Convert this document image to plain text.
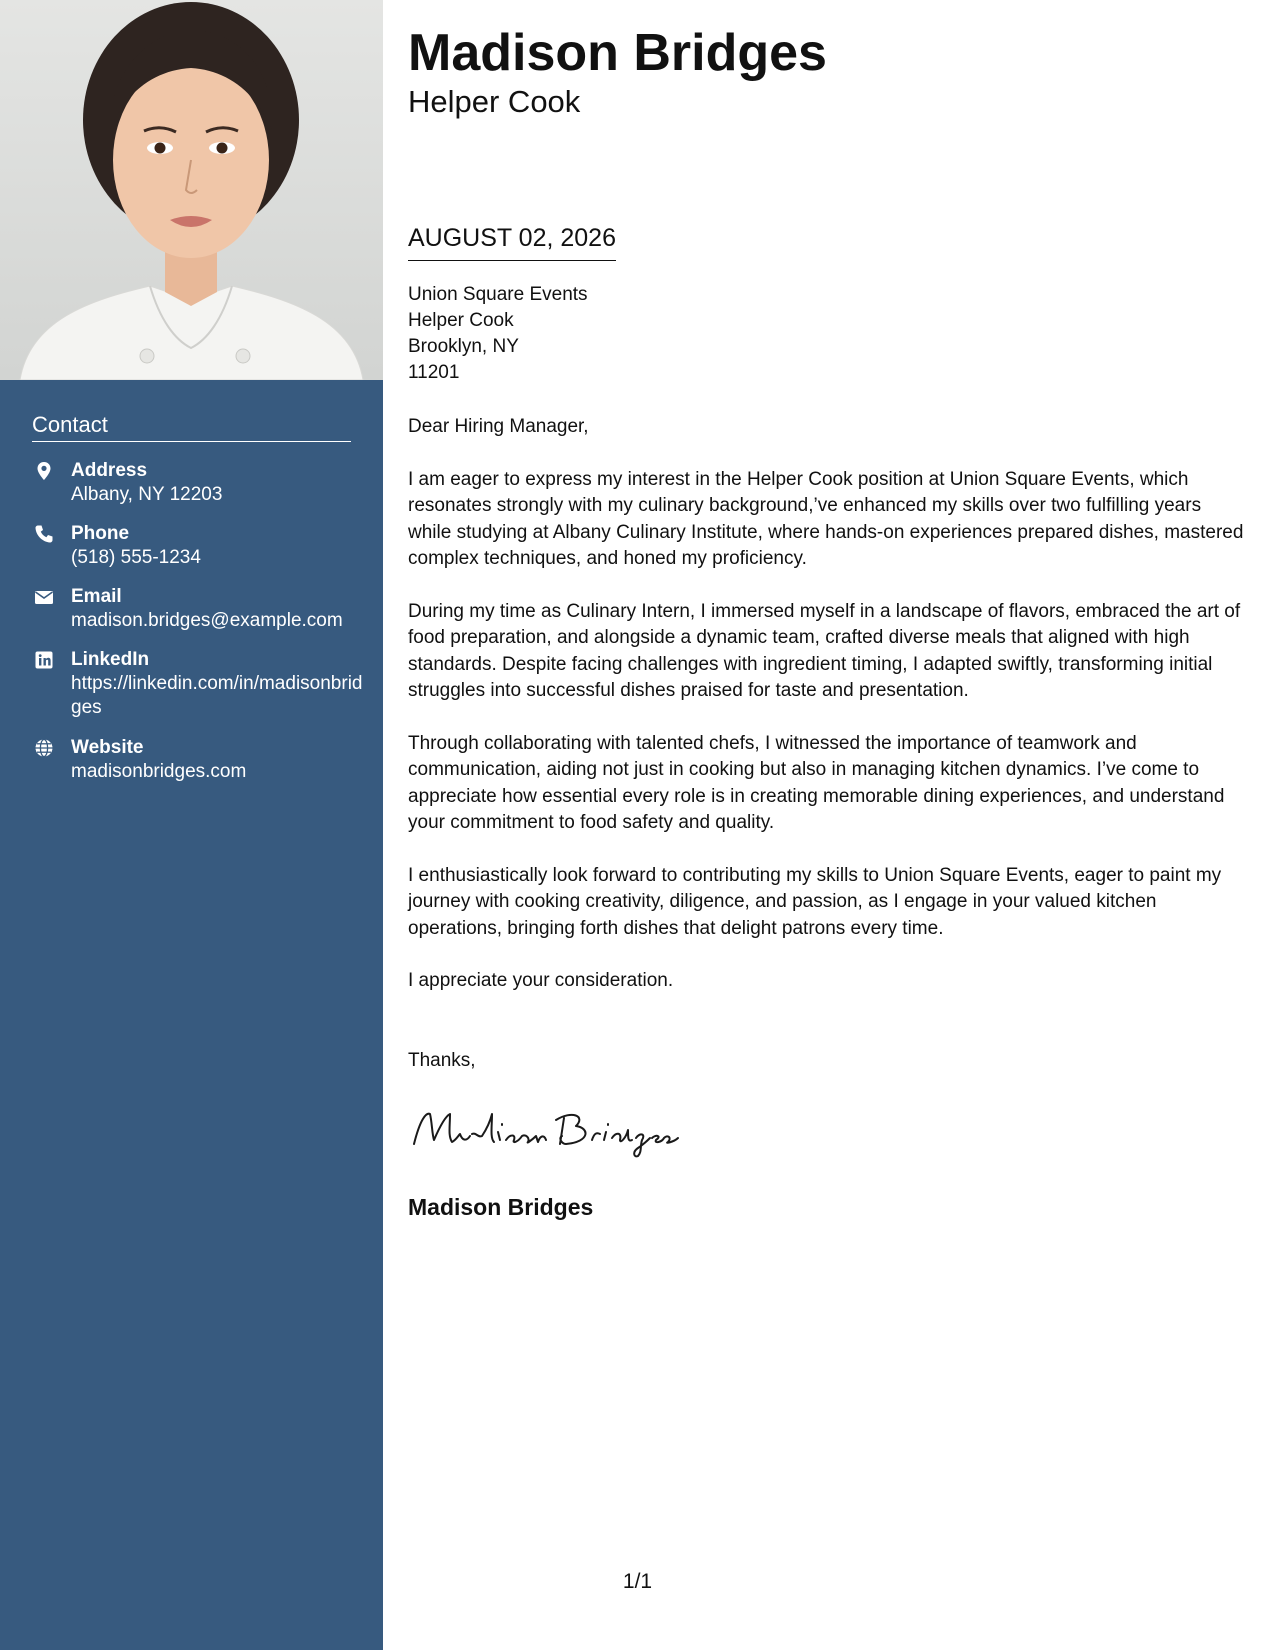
Contact
Address
Albany, NY 12203
Phone
(518) 555-1234
Email
madison.bridges@example.com
LinkedIn
https://linkedin.com/in/madisonbridges
Website
madisonbridges.com
Madison Bridges
Helper Cook
AUGUST 02, 2026
Union Square Events
Helper Cook
Brooklyn, NY
11201

Dear Hiring Manager,

I am eager to express my interest in the Helper Cook position at Union Square Events, which resonates strongly with my culinary background,’ve enhanced my skills over two fulfilling years while studying at Albany Culinary Institute, where hands-on experiences prepared dishes, mastered complex techniques, and honed my proficiency.

During my time as Culinary Intern, I immersed myself in a landscape of flavors, embraced the art of food preparation, and alongside a dynamic team, crafted diverse meals that aligned with high standards. Despite facing challenges with ingredient timing, I adapted swiftly, transforming initial struggles into successful dishes praised for taste and presentation.

Through collaborating with talented chefs, I witnessed the importance of teamwork and communication, aiding not just in cooking but also in managing kitchen dynamics. I’ve come to appreciate how essential every role is in creating memorable dining experiences, and understand your commitment to food safety and quality.

I enthusiastically look forward to contributing my skills to Union Square Events, eager to paint my journey with cooking creativity, diligence, and passion, as I engage in your valued kitchen operations, bringing forth dishes that delight patrons every time.

I appreciate your consideration.

Thanks,
Madison Bridges
1/1
